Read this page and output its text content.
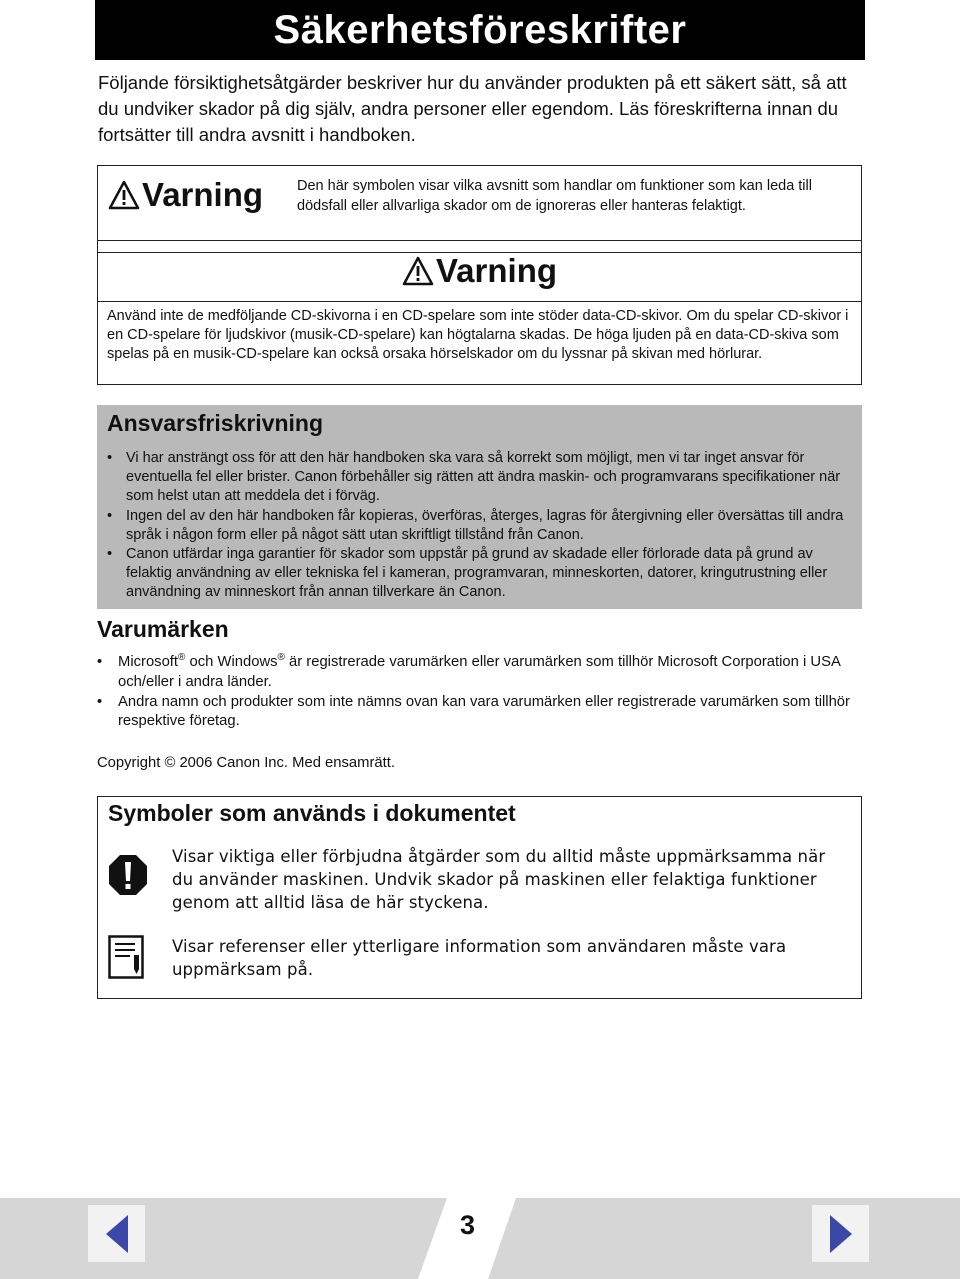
Säkerhetsföreskrifter

Följande försiktighetsåtgärder beskriver hur du använder produkten på ett säkert sätt, så att du undviker skador på dig själv, andra personer eller egendom. Läs föreskrifterna innan du fortsätter till andra avsnitt i handboken.

Varning Den här symbolen visar vilka avsnitt som handlar om funktioner som kan leda till dödsfall eller allvarliga skador om de ignoreras eller hanteras felaktigt.
Varning
Använd inte de medföljande CD-skivorna i en CD-spelare som inte stöder data-CD-skivor. Om du spelar CD-skivor i en CD-spelare för ljudskivor (musik-CD-spelare) kan högtalarna skadas. De höga ljuden på en data-CD-skiva som spelas på en musik-CD-spelare kan också orsaka hörselskador om du lyssnar på skivan med hörlurar.
Ansvarsfriskrivning
• Vi har ansträngt oss för att den här handboken ska vara så korrekt som möjligt, men vi tar inget ansvar för eventuella fel eller brister. Canon förbehåller sig rätten att ändra maskin- och programvarans specifikationer när som helst utan att meddela det i förväg.
• Ingen del av den här handboken får kopieras, överföras, återges, lagras för återgivning eller översättas till andra språk i någon form eller på något sätt utan skriftligt tillstånd från Canon.
• Canon utfärdar inga garantier för skador som uppstår på grund av skadade eller förlorade data på grund av felaktig användning av eller tekniska fel i kameran, programvaran, minneskorten, datorer, kringutrustning eller användning av minneskort från annan tillverkare än Canon.
Varumärken
• Microsoft® och Windows® är registrerade varumärken eller varumärken som tillhör Microsoft Corporation i USA och/eller i andra länder.
• Andra namn och produkter som inte nämns ovan kan vara varumärken eller registrerade varumärken som tillhör respektive företag.

Copyright © 2006 Canon Inc. Med ensamrätt.

Symboler som används i dokumentet
Visar viktiga eller förbjudna åtgärder som du alltid måste uppmärksamma när du använder maskinen. Undvik skador på maskinen eller felaktiga funktioner genom att alltid läsa de här styckena.
Visar referenser eller ytterligare information som användaren måste vara uppmärksam på.
3
